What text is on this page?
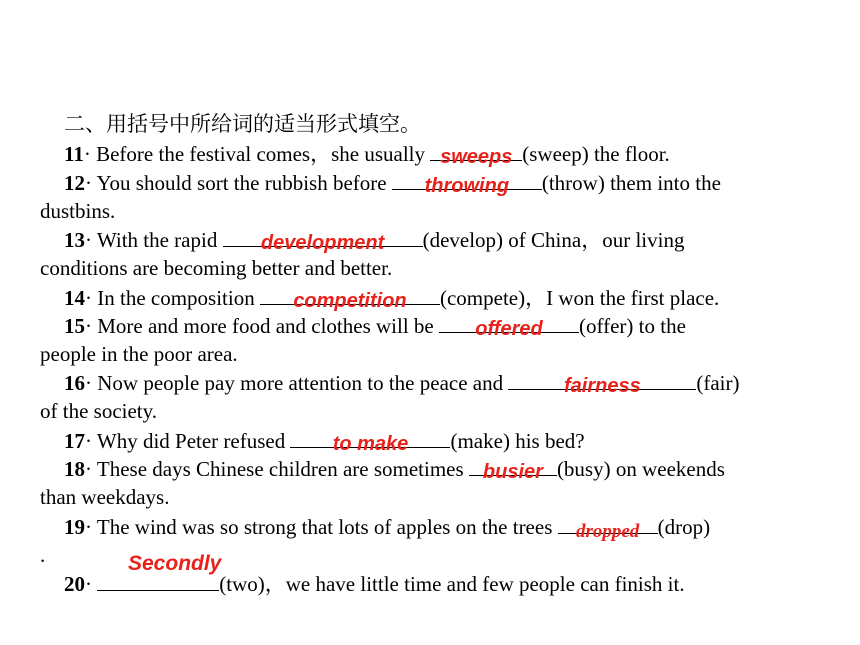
二、用括号中所给词的适当形式填空。
11· Before the festival comes，she usually sweeps (sweep) the floor.
12· You should sort the rubbish before throwing (throw) them into the
dustbins.
13· With the rapid development (develop) of China，our living
conditions are becoming better and better.
14· In the composition competition (compete)，I won the first place.
15· More and more food and clothes will be offered (offer) to the
people in the poor area.
16· Now people pay more attention to the peace and	fairness	(fair)
of the society.
17· Why did Peter refused to make (make) his bed?
18· These days Chinese children are sometimes busier (busy) on weekends
than weekdays.
19· The wind was so strong that lots of apples on the trees dropped (drop)
.	Secondly
20·	(two)，we have little time and few people can finish it.
